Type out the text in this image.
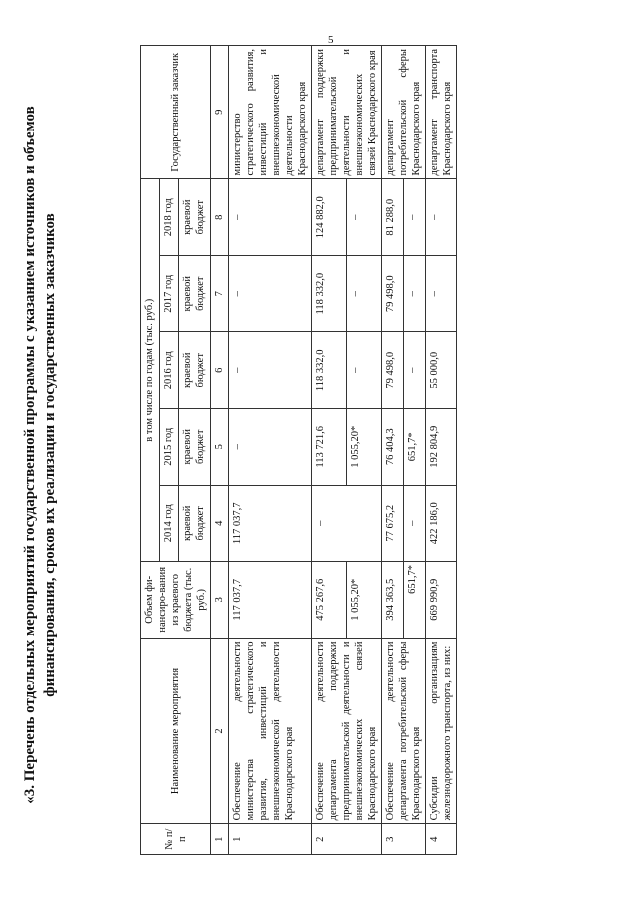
5
«3. Перечень отдельных мероприятий государственной программы с указанием источников и объемов финансирования, сроков их реализации и государственных заказчиков
№ п/п	Наименование мероприятия	Объем фи-нансиро-вания из краевого бюджета (тыс. руб.)	в том числе по годам (тыс. руб.)					Государственный заказчик
			2014 год	2015 год	2016 год	2017 год	2018 год	
			краевой бюджет	краевой бюджет	краевой бюджет	краевой бюджет	краевой бюджет	
1	2	3	4	5	6	7	8	9
1	Обеспечение деятельности министерства стратегического развития, инвестиций и внешнеэкономической деятельности Краснодарского края	117 037,7	117 037,7	–	–	–	–	министерство стратегического развития, инвестиций и внешнеэкономической деятельности Краснодарского края
2	Обеспечение деятельности департамента поддержки предпринимательской деятельности и внешнеэкономических связей Краснодарского края	475 267,6	–	113 721,6	118 332,0	118 332,0	124 882,0	департамент поддержки предпринимательской деятельности и внешнеэкономических связей Краснодарского края
		1 055,20*		1 055,20*	–	–	–	
3	Обеспечение деятельности департамента потребительской сферы Краснодарского края	394 363,5	77 675,2	76 404,3	79 498,0	79 498,0	81 288,0	департамент потребительской сферы Краснодарского края
		651,7*	–	651,7*	–	–	–	
4	Субсидии организациям железнодорожного транспорта, из них:	669 990,9	422 186,0	192 804,9	55 000,0	–	–	департамент транспорта Краснодарского края
